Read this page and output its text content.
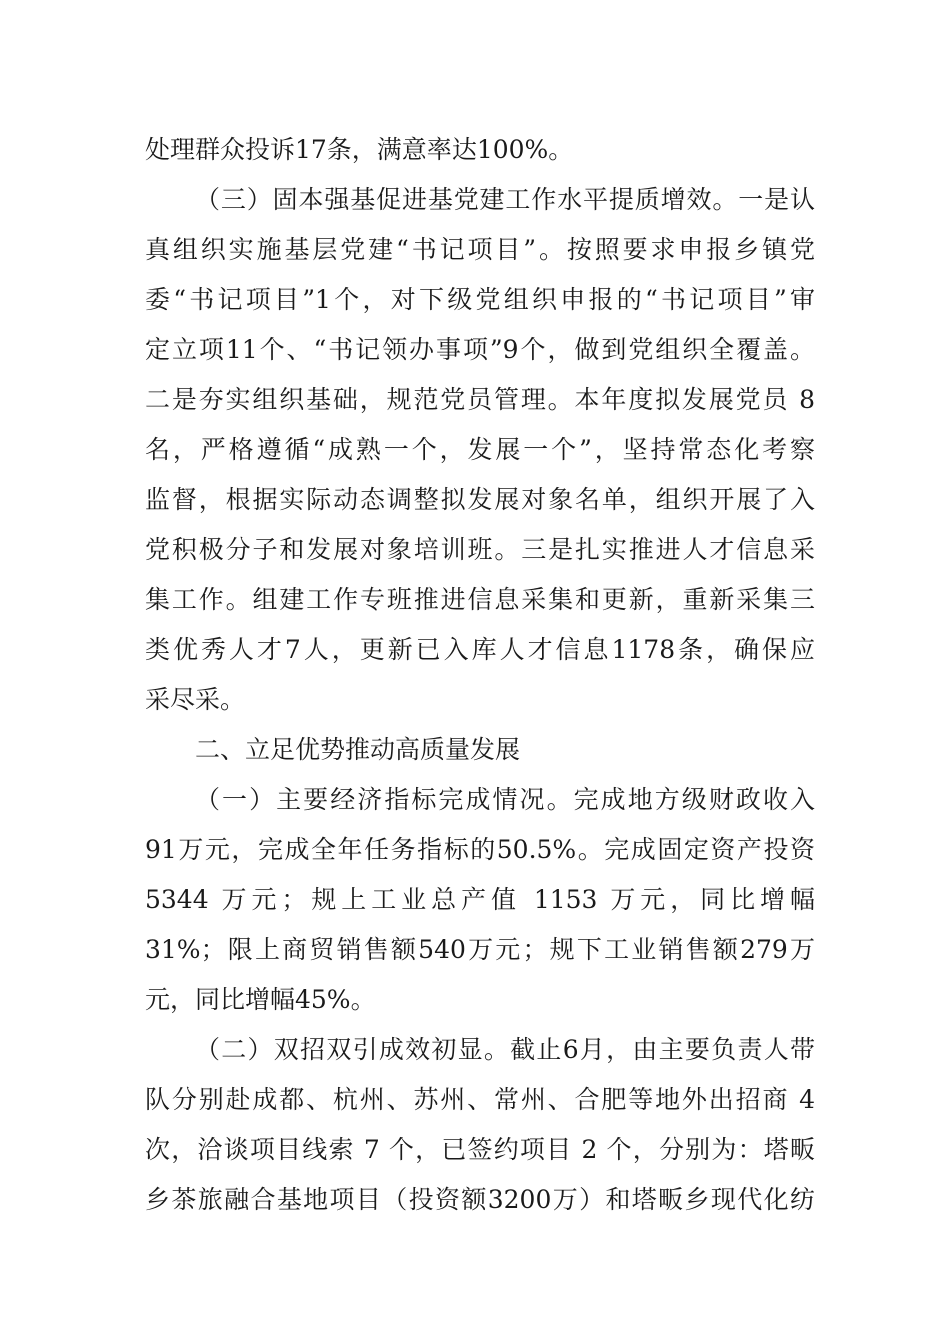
处理群众投诉17条，满意率达100%。
（三）固本强基促进基党建工作水平提质增效。一是认
真组织实施基层党建“书记项目”。按照要求申报乡镇党
委“书记项目”1个，对下级党组织申报的“书记项目”审
定立项11个、“书记领办事项”9个，做到党组织全覆盖。
二是夯实组织基础，规范党员管理。本年度拟发展党员 8
名，严格遵循“成熟一个，发展一个”，坚持常态化考察
监督，根据实际动态调整拟发展对象名单，组织开展了入
党积极分子和发展对象培训班。三是扎实推进人才信息采
集工作。组建工作专班推进信息采集和更新，重新采集三
类优秀人才7人，更新已入库人才信息1178条，确保应
采尽采。
二、立足优势推动高质量发展
（一）主要经济指标完成情况。完成地方级财政收入
91万元，完成全年任务指标的50.5%。完成固定资产投资
5344 万元；规上工业总产值 1153 万元，同比增幅
31%；限上商贸销售额540万元；规下工业销售额279万
元，同比增幅45%。
（二）双招双引成效初显。截止6月，由主要负责人带
队分别赴成都、杭州、苏州、常州、合肥等地外出招商 4
次，洽谈项目线索 7 个，已签约项目 2 个，分别为：塔畈
乡茶旅融合基地项目（投资额3200万）和塔畈乡现代化纺
